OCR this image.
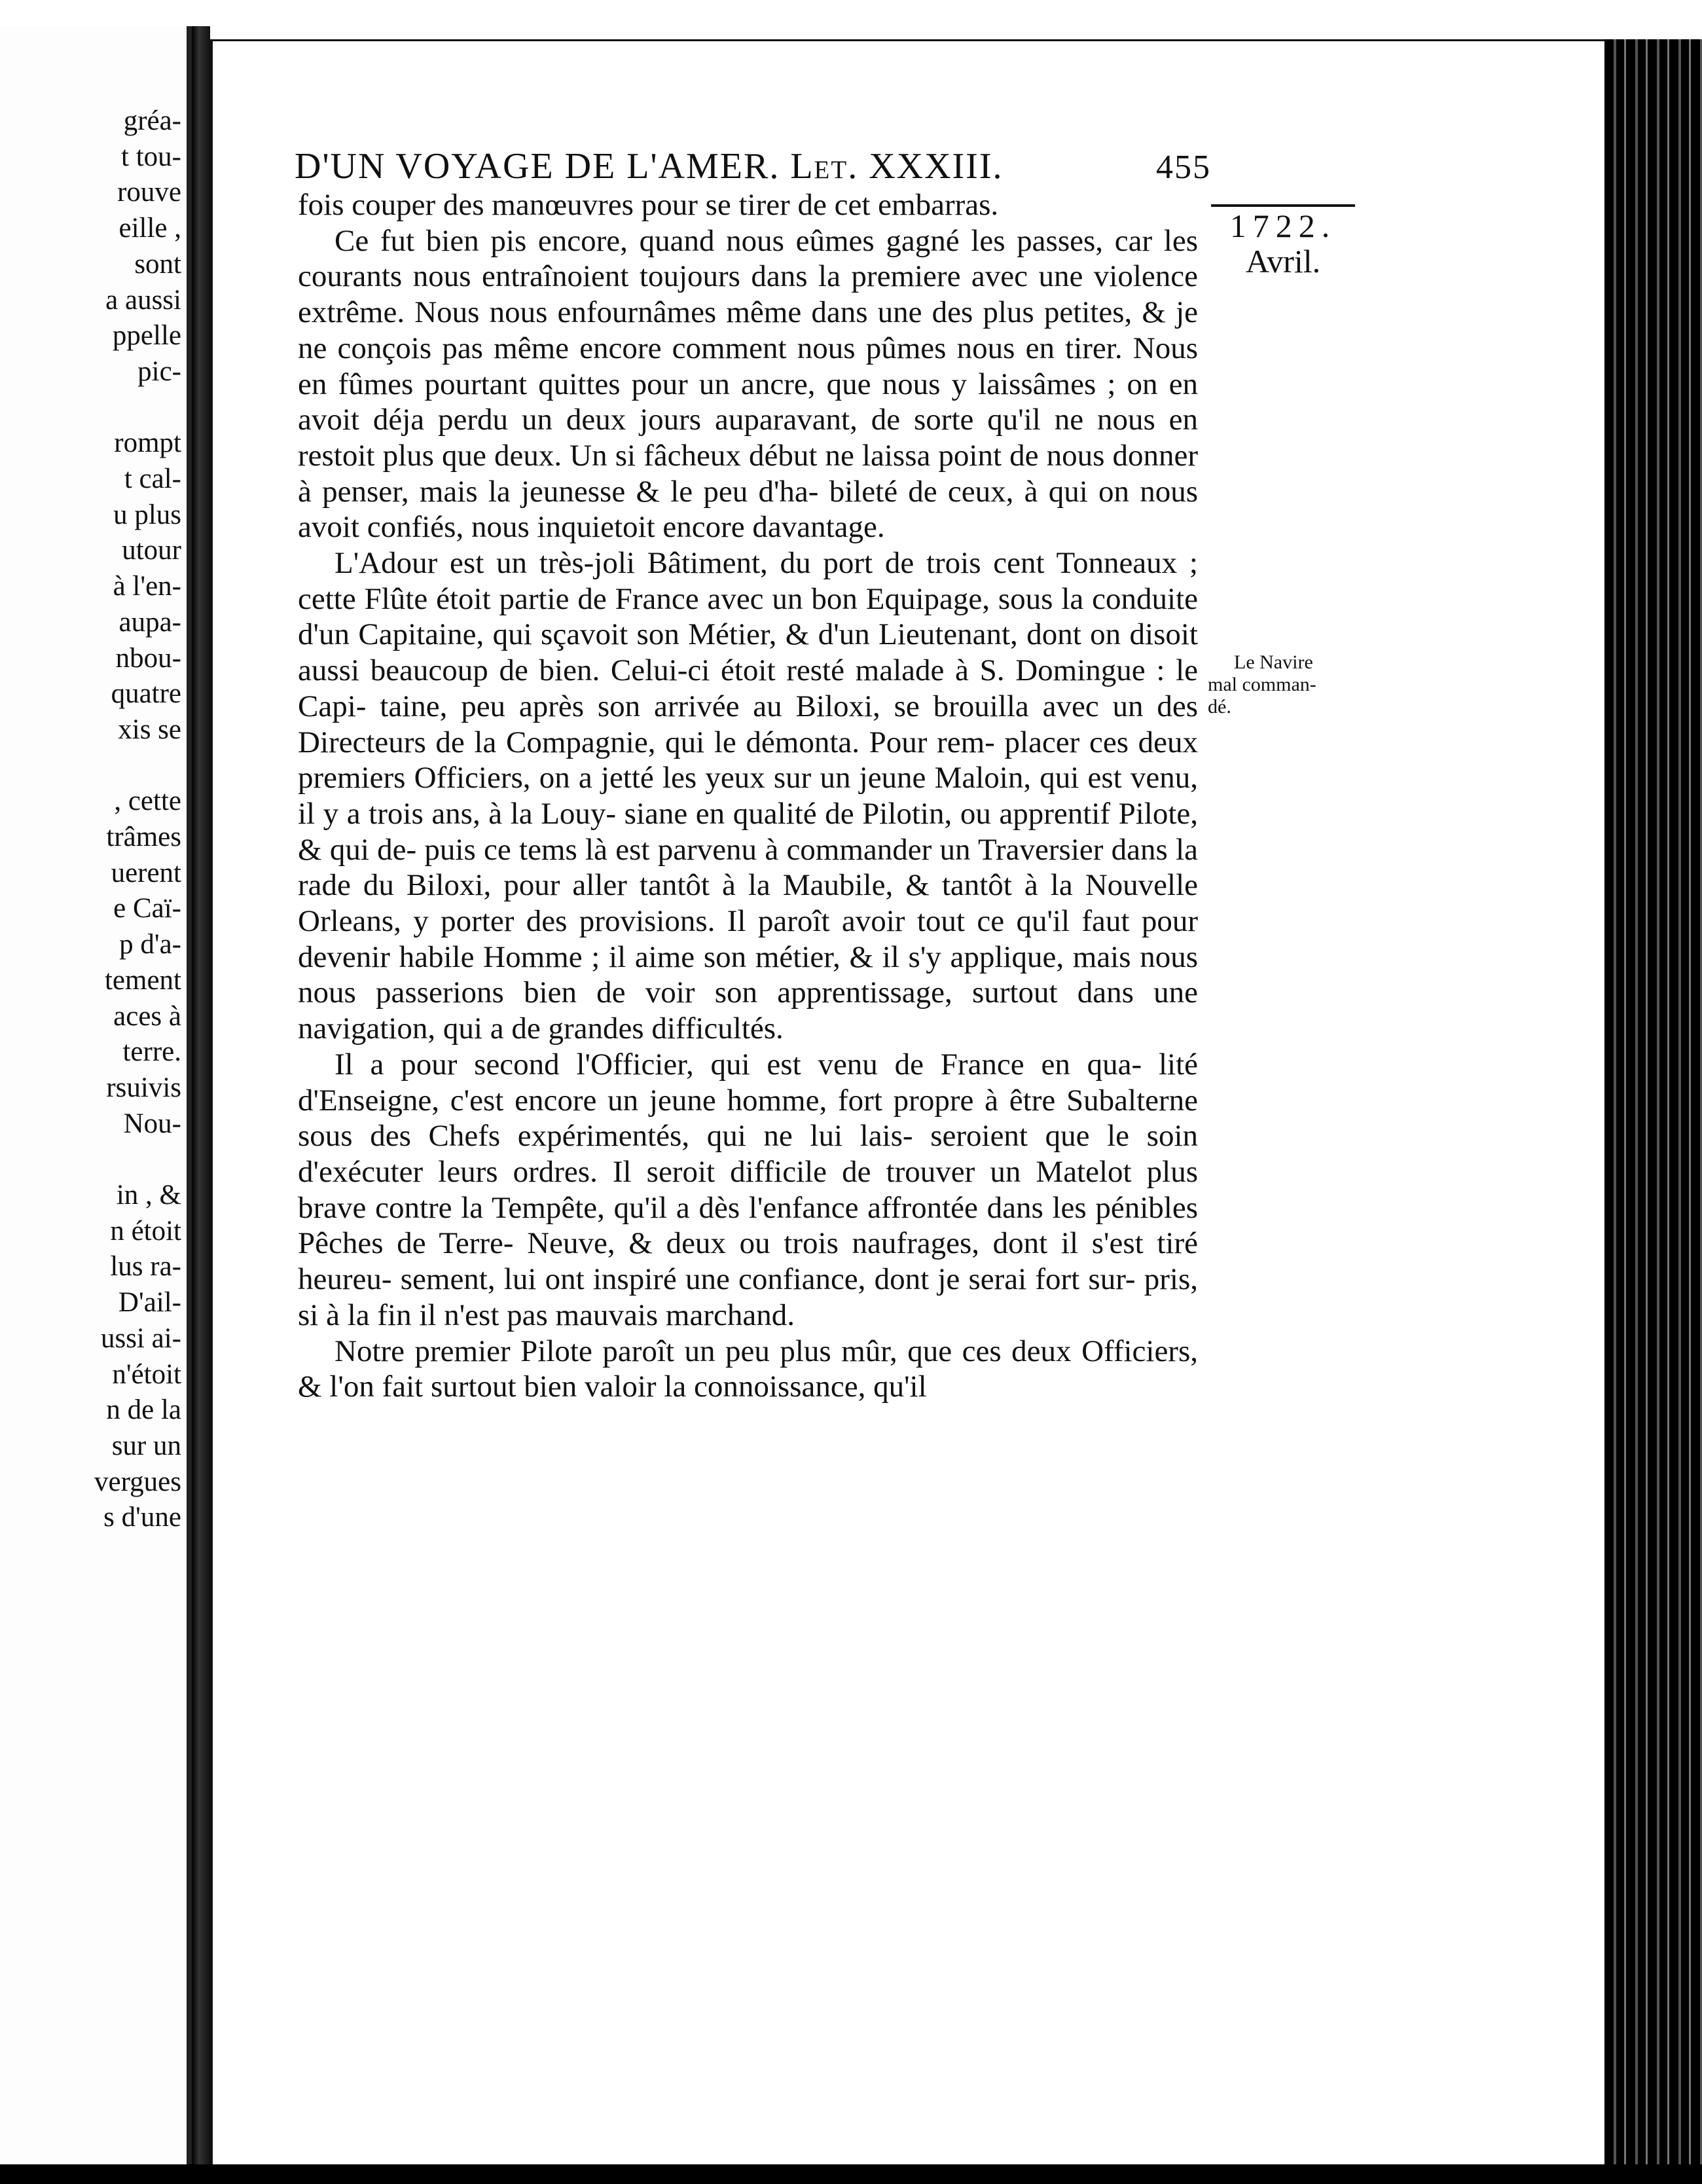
gréa-
t tou-
rouve
eille ,
sont
a aussi
ppelle
pic-
rompt
t cal-
u plus
utour
à l'en-
aupa-
nbou-
quatre
xis se
, cette
trâmes
uerent
e Caï-
p d'a-
tement
aces à
terre.
rsuivis
Nou-
in , &
n étoit
lus ra-
D'ail-
ussi ai-
n'étoit
n de la
sur un
vergues
s d'une
D'UN VOYAGE DE L'AMER. Let. XXXIII.	455
1722.
Avril.
Le Navire
mal comman-
dé.

fois couper des manœuvres pour se tirer de cet embarras.

Ce fut bien pis encore, quand nous eûmes gagné les passes, car les courants nous entraînoient toujours dans la premiere avec une violence extrême. Nous nous enfournâmes même dans une des plus petites, & je ne conçois pas même encore comment nous pûmes nous en tirer. Nous en fûmes pourtant quittes pour un ancre, que nous y laissâmes ; on en avoit déja perdu un deux jours auparavant, de sorte qu'il ne nous en restoit plus que deux. Un si fâcheux début ne laissa point de nous donner à penser, mais la jeunesse & le peu d'ha- bileté de ceux, à qui on nous avoit confiés, nous inquietoit encore davantage.

L'Adour est un très-joli Bâtiment, du port de trois cent Tonneaux ; cette Flûte étoit partie de France avec un bon Equipage, sous la conduite d'un Capitaine, qui sçavoit son Métier, & d'un Lieutenant, dont on disoit aussi beaucoup de bien. Celui-ci étoit resté malade à S. Domingue : le Capi- taine, peu après son arrivée au Biloxi, se brouilla avec un des Directeurs de la Compagnie, qui le démonta. Pour rem- placer ces deux premiers Officiers, on a jetté les yeux sur un jeune Maloin, qui est venu, il y a trois ans, à la Louy- siane en qualité de Pilotin, ou apprentif Pilote, & qui de- puis ce tems là est parvenu à commander un Traversier dans la rade du Biloxi, pour aller tantôt à la Maubile, & tantôt à la Nouvelle Orleans, y porter des provisions. Il paroît avoir tout ce qu'il faut pour devenir habile Homme ; il aime son métier, & il s'y applique, mais nous nous passerions bien de voir son apprentissage, surtout dans une navigation, qui a de grandes difficultés.

Il a pour second l'Officier, qui est venu de France en qua- lité d'Enseigne, c'est encore un jeune homme, fort propre à être Subalterne sous des Chefs expérimentés, qui ne lui lais- seroient que le soin d'exécuter leurs ordres. Il seroit difficile de trouver un Matelot plus brave contre la Tempête, qu'il a dès l'enfance affrontée dans les pénibles Pêches de Terre- Neuve, & deux ou trois naufrages, dont il s'est tiré heureu- sement, lui ont inspiré une confiance, dont je serai fort sur- pris, si à la fin il n'est pas mauvais marchand.

Notre premier Pilote paroît un peu plus mûr, que ces deux Officiers, & l'on fait surtout bien valoir la connoissance, qu'il
